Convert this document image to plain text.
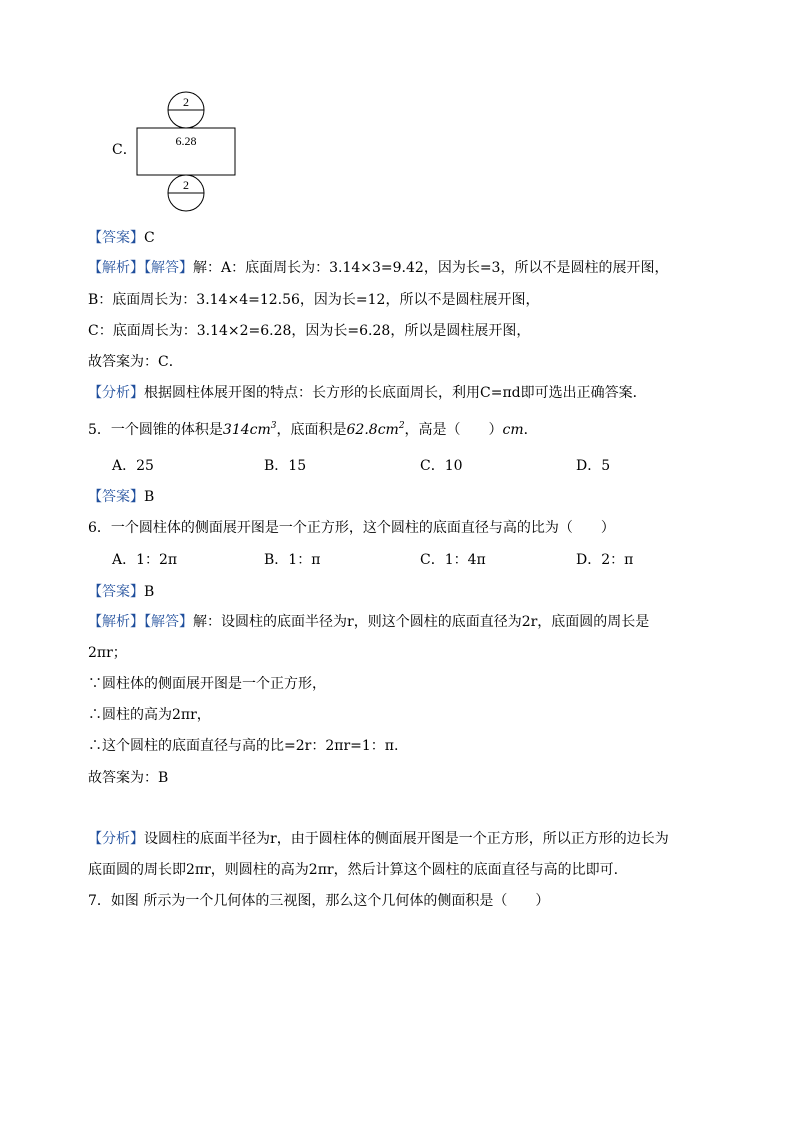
C．
2
6.28
2
【答案】C
【解析】【解答】解：A：底面周长为：3.14×3=9.42，因为长=3，所以不是圆柱的展开图，
B：底面周长为：3.14×4=12.56，因为长=12，所以不是圆柱展开图，
C：底面周长为：3.14×2=6.28，因为长=6.28，所以是圆柱展开图，
故答案为：C．
【分析】根据圆柱体展开图的特点：长方形的长底面周长，利用C=πd即可选出正确答案．
5．一个圆锥的体积是$314cm^3$，底面积是$62.8cm^2$，高是（　　）cm．
A．25	B．15	C．10	D．5
【答案】B
6．一个圆柱体的侧面展开图是一个正方形，这个圆柱的底面直径与高的比为（　　）
A．1：2π	B．1：π	C．1：4π	D．2：π
【答案】B
【解析】【解答】解：设圆柱的底面半径为r，则这个圆柱的底面直径为2r，底面圆的周长是
2πr；
∵圆柱体的侧面展开图是一个正方形，
∴圆柱的高为2πr，
∴这个圆柱的底面直径与高的比=2r：2πr=1：π.
故答案为：B
【分析】设圆柱的底面半径为r，由于圆柱体的侧面展开图是一个正方形，所以正方形的边长为
底面圆的周长即2πr，则圆柱的高为2πr，然后计算这个圆柱的底面直径与高的比即可.
7．如图 所示为一个几何体的三视图，那么这个几何体的侧面积是（　　）
